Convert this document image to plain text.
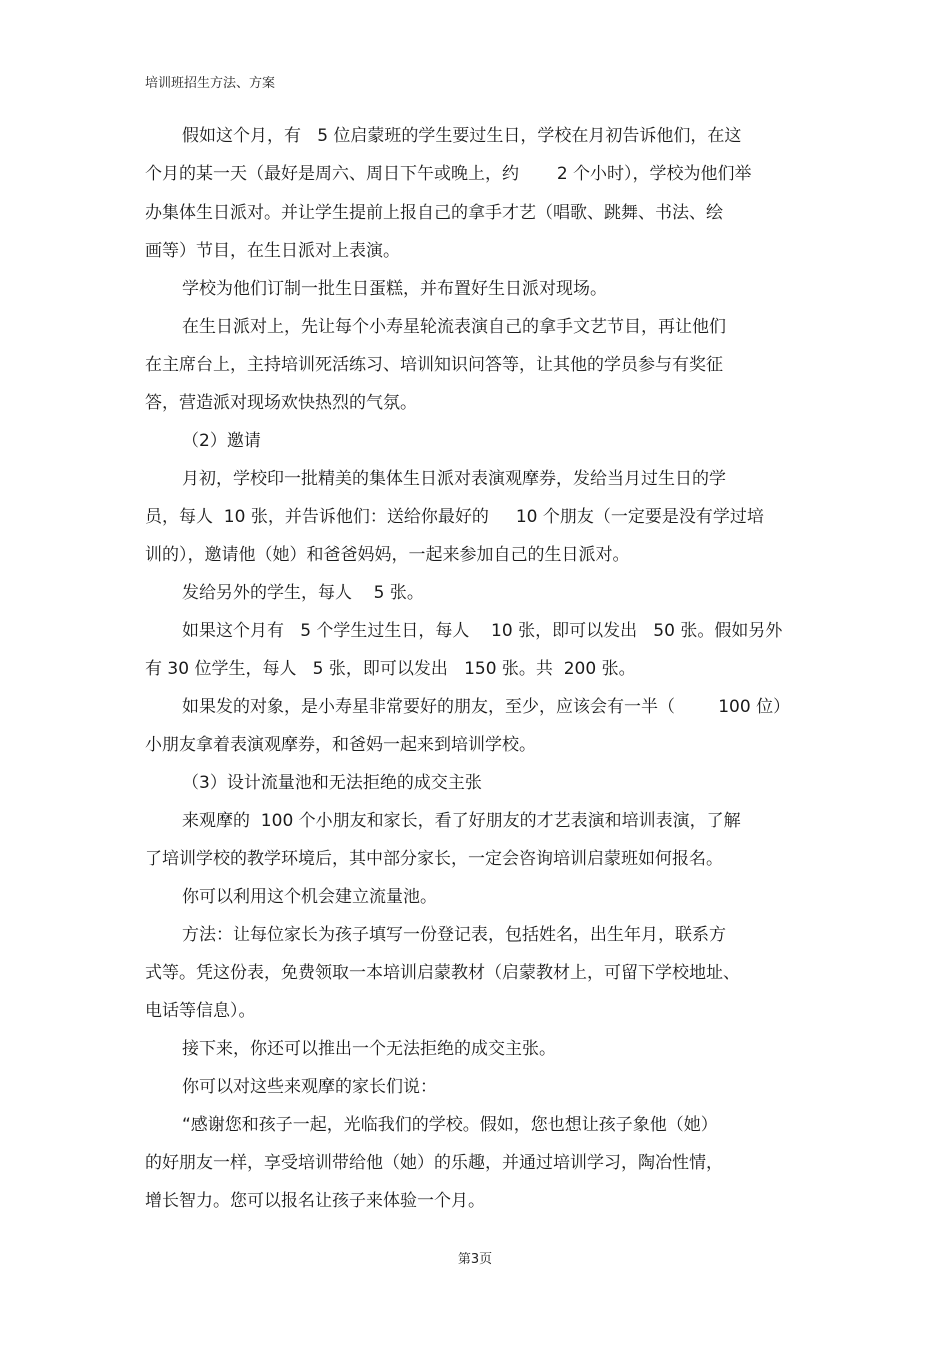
培训班招生方法、方案
假如这个月，有   5 位启蒙班的学生要过生日，学校在月初告诉他们，在这
个月的某一天（最好是周六、周日下午或晚上，约       2 个小时），学校为他们举
办集体生日派对。并让学生提前上报自己的拿手才艺（唱歌、跳舞、书法、绘
画等）节目，在生日派对上表演。
学校为他们订制一批生日蛋糕，并布置好生日派对现场。
在生日派对上，先让每个小寿星轮流表演自己的拿手文艺节目，再让他们
在主席台上，主持培训死活练习、培训知识问答等，让其他的学员参与有奖征
答，营造派对现场欢快热烈的气氛。
（2）邀请
月初，学校印一批精美的集体生日派对表演观摩券，发给当月过生日的学
员，每人  10 张，并告诉他们：送给你最好的     10 个朋友（一定要是没有学过培
训的），邀请他（她）和爸爸妈妈，一起来参加自己的生日派对。
发给另外的学生，每人    5 张。
如果这个月有   5 个学生过生日，每人    10 张，即可以发出   50 张。假如另外
有 30 位学生，每人   5 张，即可以发出   150 张。共  200 张。
如果发的对象，是小寿星非常要好的朋友，至少，应该会有一半（        100 位）
小朋友拿着表演观摩券，和爸妈一起来到培训学校。
（3）设计流量池和无法拒绝的成交主张
来观摩的  100 个小朋友和家长，看了好朋友的才艺表演和培训表演，了解
了培训学校的教学环境后，其中部分家长，一定会咨询培训启蒙班如何报名。
你可以利用这个机会建立流量池。
方法：让每位家长为孩子填写一份登记表，包括姓名，出生年月，联系方
式等。凭这份表，免费领取一本培训启蒙教材（启蒙教材上，可留下学校地址、
电话等信息）。
接下来，你还可以推出一个无法拒绝的成交主张。
你可以对这些来观摩的家长们说：
“感谢您和孩子一起，光临我们的学校。假如，您也想让孩子象他（她）
的好朋友一样，享受培训带给他（她）的乐趣，并通过培训学习，陶冶性情，
增长智力。您可以报名让孩子来体验一个月。
第3页
